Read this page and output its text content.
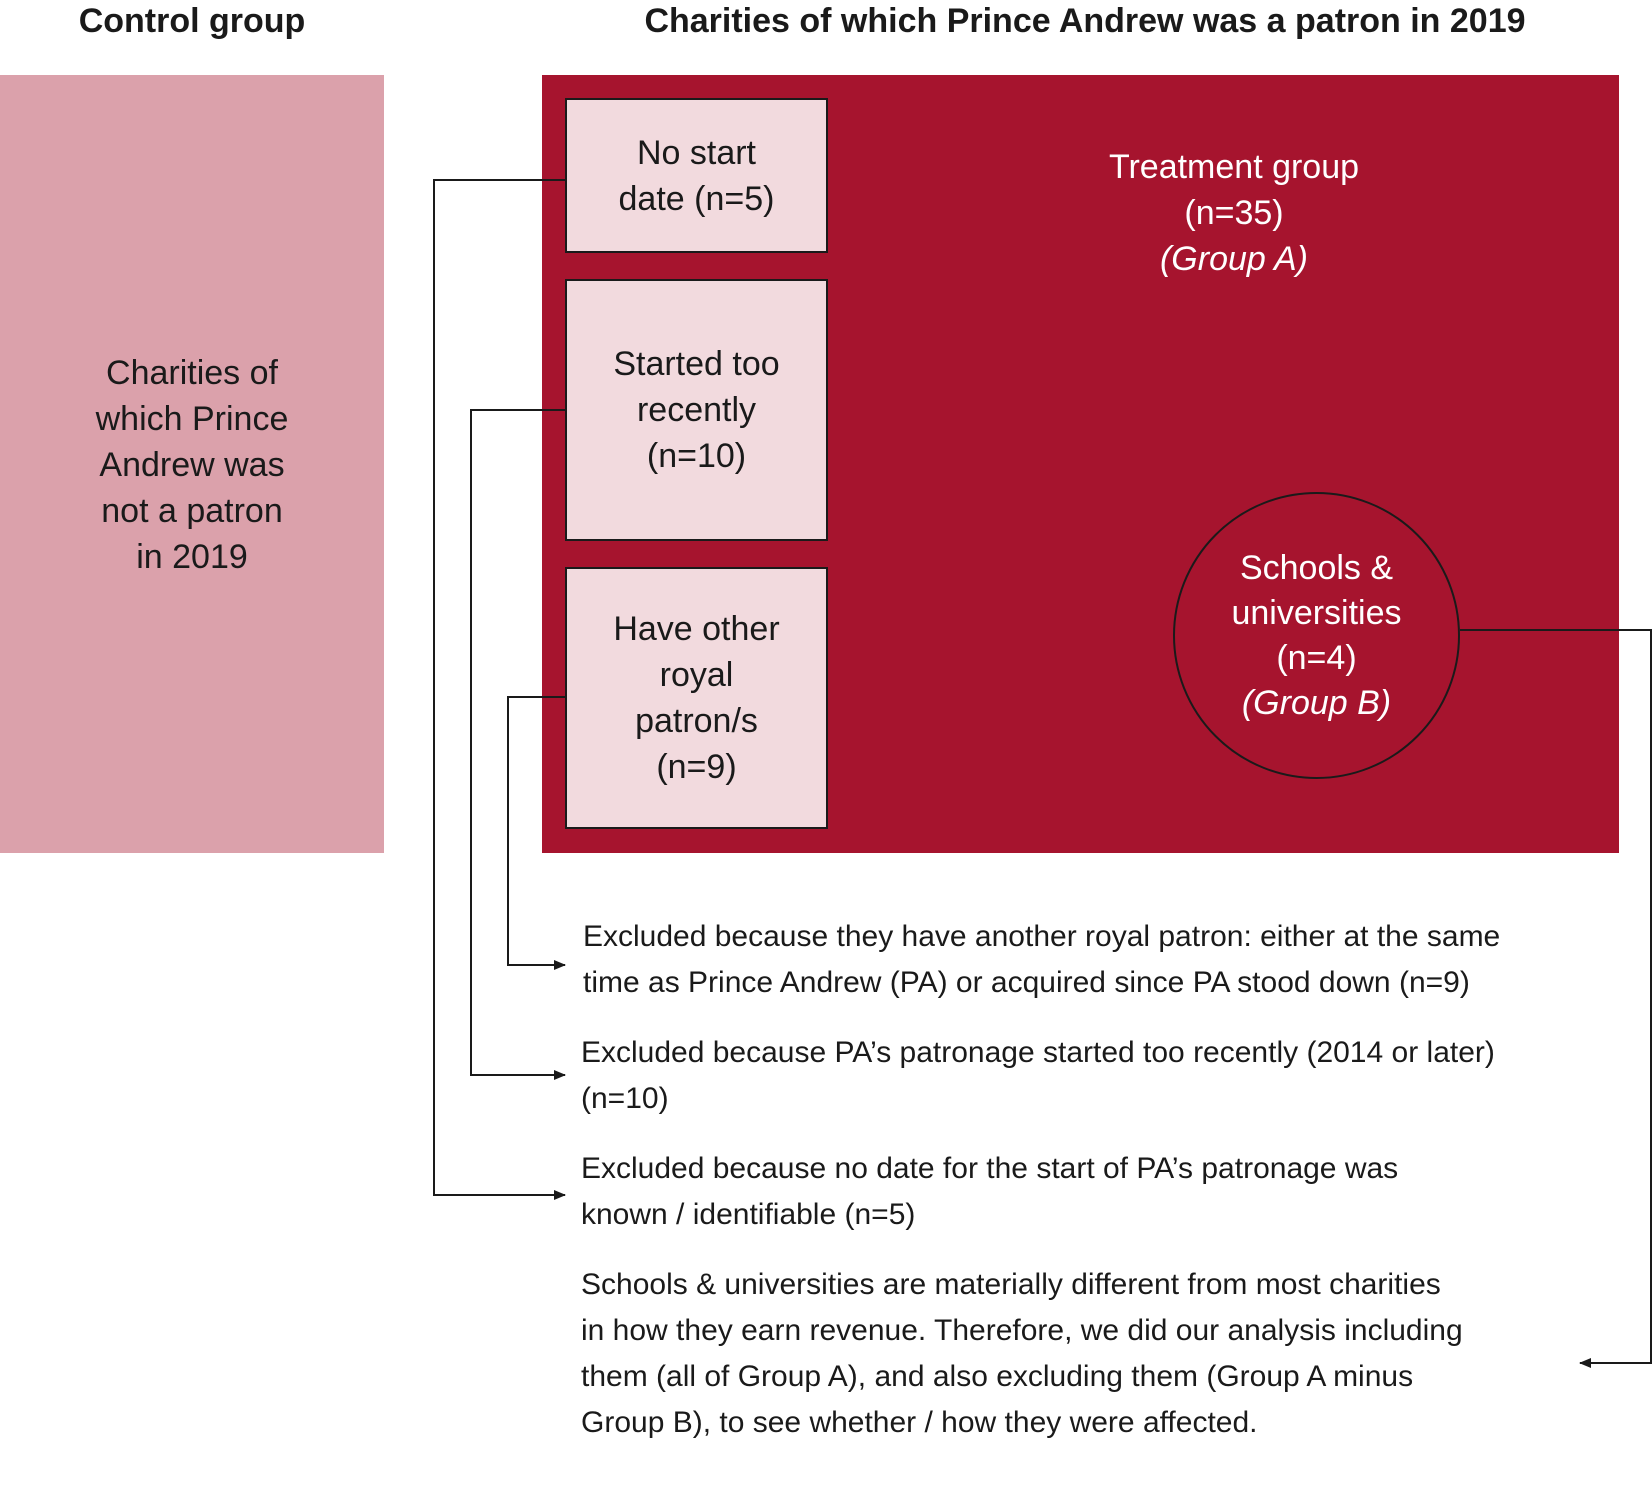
Control group	Charities of which Prince Andrew was a patron in 2019
Charities of
which Prince
Andrew was
not a patron
in 2019
Treatment group
(n=35)
(Group A)
No start
date (n=5)
Started too
recently
(n=10)
Have other
royal
patron/s
(n=9)
Schools &
universities
(n=4)
(Group B)
Excluded because they have another royal patron: either at the same
time as Prince Andrew (PA) or acquired since PA stood down (n=9)
Excluded because PA’s patronage started too recently (2014 or later)
(n=10)
Excluded because no date for the start of PA’s patronage was
known / identifiable (n=5)
Schools & universities are materially different from most charities
in how they earn revenue. Therefore, we did our analysis including
them (all of Group A), and also excluding them (Group A minus
Group B), to see whether / how they were affected.
